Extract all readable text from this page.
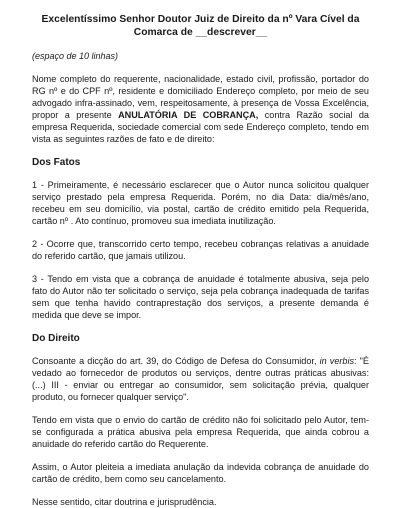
Excelentíssimo Senhor Doutor Juiz de Direito da nº Vara Cível da Comarca de __descrever__
(espaço de 10 linhas)

Nome completo do requerente, nacionalidade, estado civil, profissão, portador do RG nº e do CPF nº, residente e domiciliado Endereço completo, por meio de seu advogado infra-assinado, vem, respeitosamente, à presença de Vossa Excelência, propor a presente ANULATÓRIA DE COBRANÇA, contra Razão social da empresa Requerida, sociedade comercial com sede Endereço completo, tendo em vista as seguintes razões de fato e de direito:

Dos Fatos

1 - Primeiramente, é necessário esclarecer que o Autor nunca solicitou qualquer serviço prestado pela empresa Requerida. Porém, no dia Data: dia/mês/ano, recebeu em seu domicílio, via postal, cartão de crédito emitido pela Requerida, cartão nº . Ato contínuo, promoveu sua imediata inutilização.

2 - Ocorre que, transcorrido certo tempo, recebeu cobranças relativas a anuidade do referido cartão, que jamais utilizou.

3 - Tendo em vista que a cobrança de anuidade é totalmente abusiva, seja pelo fato do Autor não ter solicitado o serviço, seja pela cobrança inadequada de tarifas sem que tenha havido contraprestação dos serviços, a presente demanda é medida que deve se impor.

Do Direito

Consoante a dicção do art. 39, do Código de Defesa do Consumidor, in verbis: "É vedado ao fornecedor de produtos ou serviços, dentre outras práticas abusivas: (...) III - enviar ou entregar ao consumidor, sem solicitação prévia, qualquer produto, ou fornecer qualquer serviço".

Tendo em vista que o envio do cartão de crédito não foi solicitado pelo Autor, tem-se configurada a prática abusiva pela empresa Requerida, que ainda cobrou a anuidade do referido cartão do Requerente.

Assim, o Autor pleiteia a imediata anulação da indevida cobrança de anuidade do cartão de crédito, bem como seu cancelamento.

Nesse sentido, citar doutrina e jurisprudência.
